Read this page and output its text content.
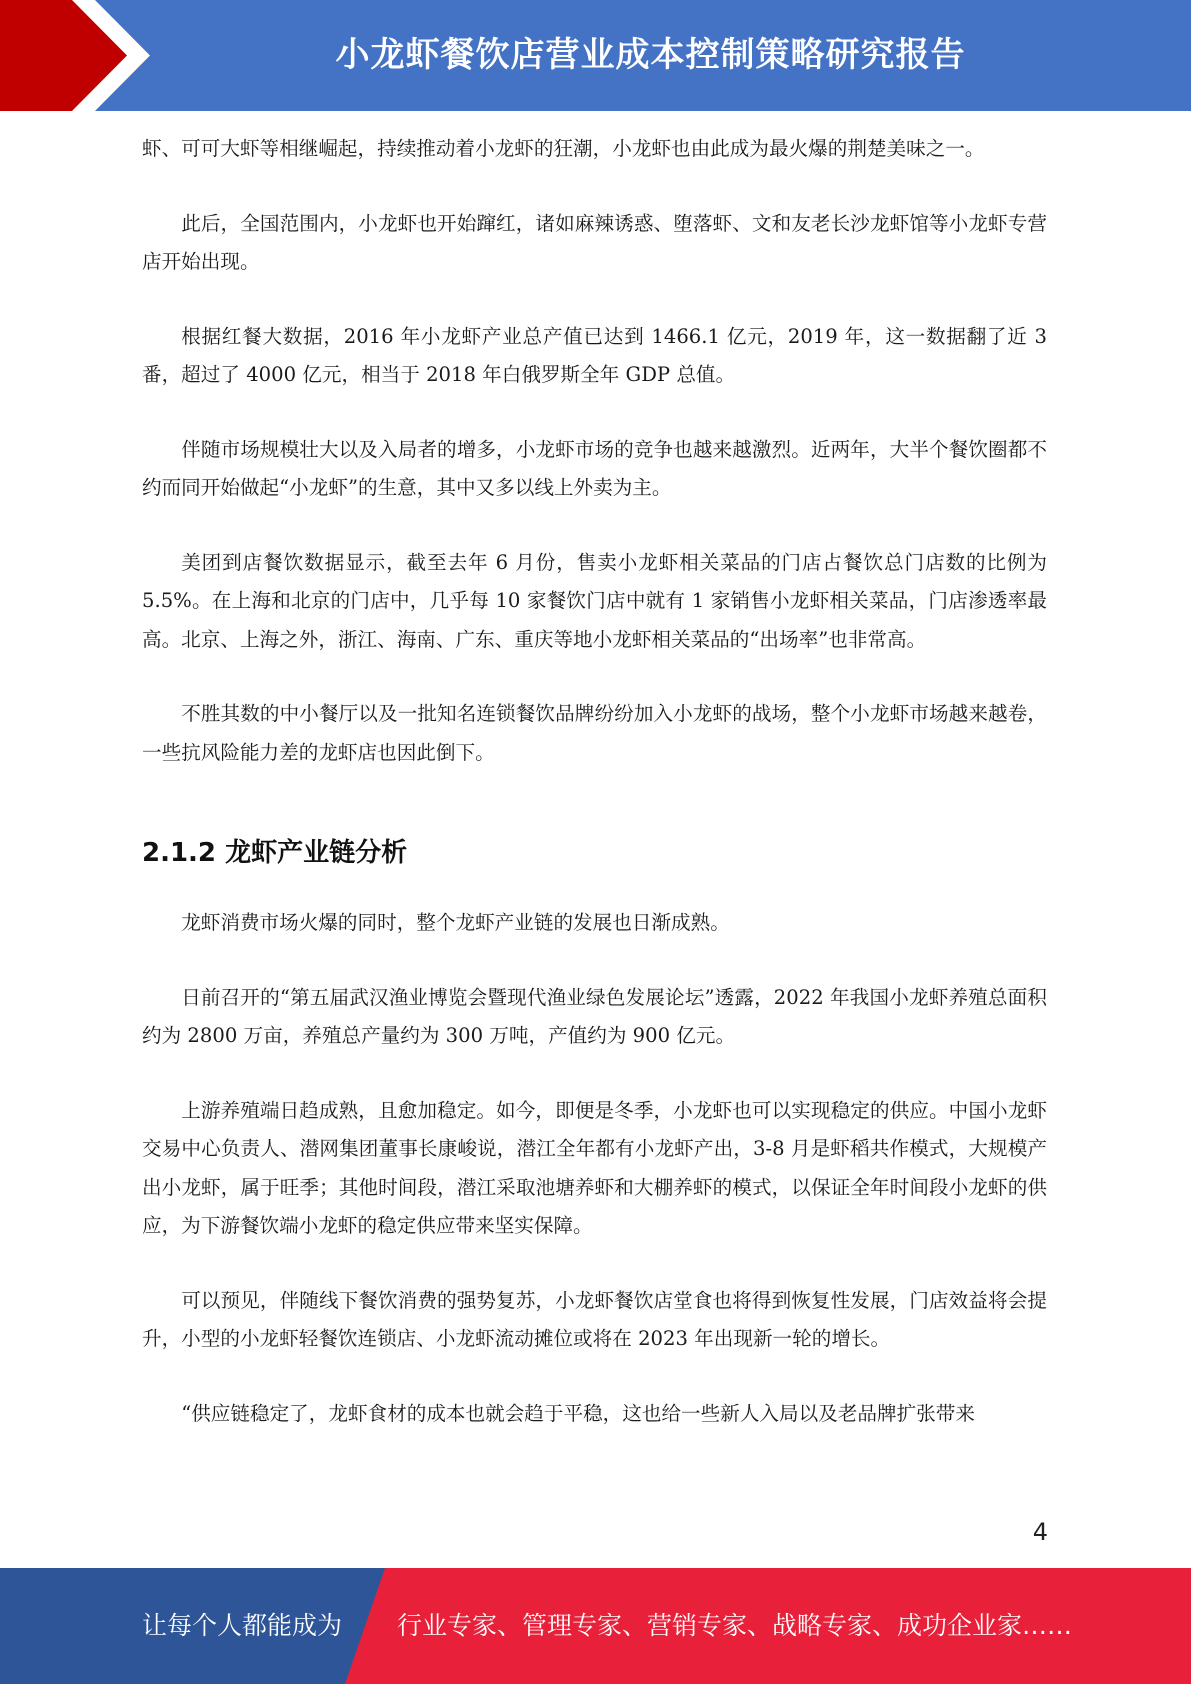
小龙虾餐饮店营业成本控制策略研究报告

虾、可可大虾等相继崛起，持续推动着小龙虾的狂潮，小龙虾也由此成为最火爆的荆楚美味之一。

此后，全国范围内，小龙虾也开始蹿红，诸如麻辣诱惑、堕落虾、文和友老长沙龙虾馆等小龙虾专营店开始出现。

根据红餐大数据，2016 年小龙虾产业总产值已达到 1466.1 亿元，2019 年，这一数据翻了近 3 番，超过了 4000 亿元，相当于 2018 年白俄罗斯全年 GDP 总值。

伴随市场规模壮大以及入局者的增多，小龙虾市场的竞争也越来越激烈。近两年，大半个餐饮圈都不约而同开始做起“小龙虾”的生意，其中又多以线上外卖为主。

美团到店餐饮数据显示，截至去年 6 月份，售卖小龙虾相关菜品的门店占餐饮总门店数的比例为 5.5%。在上海和北京的门店中，几乎每 10 家餐饮门店中就有 1 家销售小龙虾相关菜品，门店渗透率最高。北京、上海之外，浙江、海南、广东、重庆等地小龙虾相关菜品的“出场率”也非常高。

不胜其数的中小餐厅以及一批知名连锁餐饮品牌纷纷加入小龙虾的战场，整个小龙虾市场越来越卷，一些抗风险能力差的龙虾店也因此倒下。

2.1.2 龙虾产业链分析

龙虾消费市场火爆的同时，整个龙虾产业链的发展也日渐成熟。

日前召开的“第五届武汉渔业博览会暨现代渔业绿色发展论坛”透露，2022 年我国小龙虾养殖总面积约为 2800 万亩，养殖总产量约为 300 万吨，产值约为 900 亿元。

上游养殖端日趋成熟，且愈加稳定。如今，即便是冬季，小龙虾也可以实现稳定的供应。中国小龙虾交易中心负责人、潜网集团董事长康峻说，潜江全年都有小龙虾产出，3-8 月是虾稻共作模式，大规模产出小龙虾，属于旺季；其他时间段，潜江采取池塘养虾和大棚养虾的模式，以保证全年时间段小龙虾的供应，为下游餐饮端小龙虾的稳定供应带来坚实保障。

可以预见，伴随线下餐饮消费的强势复苏，小龙虾餐饮店堂食也将得到恢复性发展，门店效益将会提升，小型的小龙虾轻餐饮连锁店、小龙虾流动摊位或将在 2023 年出现新一轮的增长。

“供应链稳定了，龙虾食材的成本也就会趋于平稳，这也给一些新人入局以及老品牌扩张带来

4
让每个人都能成为 行业专家、管理专家、营销专家、战略专家、成功企业家……
